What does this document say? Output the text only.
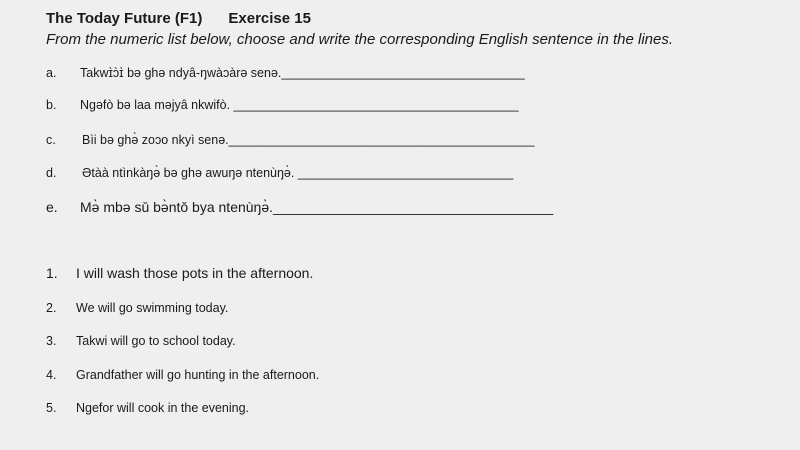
The Today Future (F1) Exercise 15
From the numeric list below, choose and write the corresponding English sentence in the lines.
a. Takwɪ̀ɔ̀ɪ̀ bə ghə ndyâ-ŋwàɔàrə senə.___________________________________
b. Ngəfò bə laa məjyâ nkwifò. _________________________________________
c. Bìi bə ghə̀ zoɔo nkyì senə.____________________________________________
d. Ətàà ntìnkàŋə̀ bə ghə awuŋə ntenùŋə̀. _______________________________
e. Mə̀ mbə sǔ bə̀ntǒ bya ntenùŋə̀.____________________________________
1. I will wash those pots in the afternoon.
2. We will go swimming today.
3. Takwi will go to school today.
4. Grandfather will go hunting in the afternoon.
5. Ngefor will cook in the evening.
